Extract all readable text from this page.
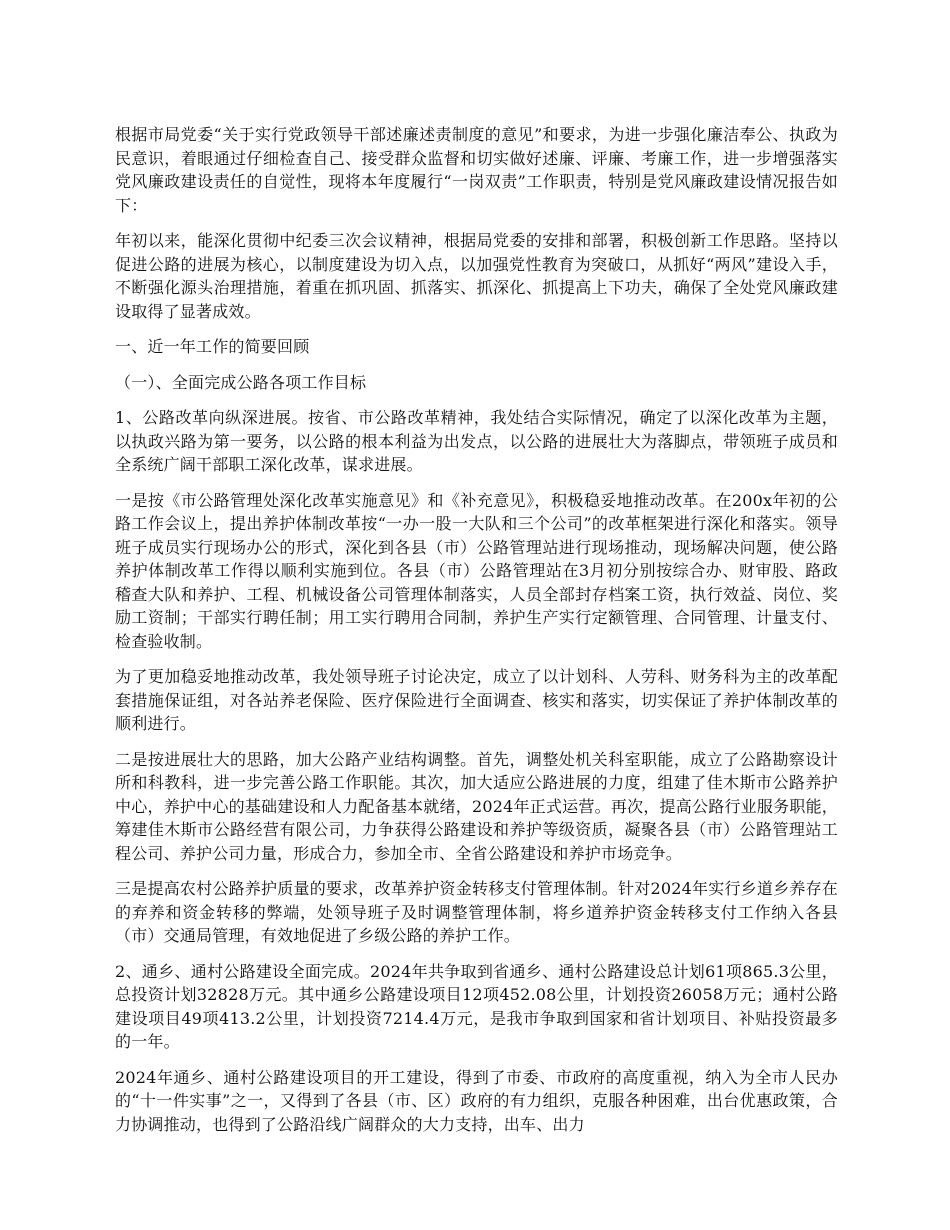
根据市局党委“关于实行党政领导干部述廉述责制度的意见”和要求，为进一步强化廉洁奉公、执政为民意识，着眼通过仔细检查自己、接受群众监督和切实做好述廉、评廉、考廉工作，进一步增强落实党风廉政建设责任的自觉性，现将本年度履行“一岗双责”工作职责，特别是党风廉政建设情况报告如下：

年初以来，能深化贯彻中纪委三次会议精神，根据局党委的安排和部署，积极创新工作思路。坚持以促进公路的进展为核心，以制度建设为切入点，以加强党性教育为突破口，从抓好“两风”建设入手，不断强化源头治理措施，着重在抓巩固、抓落实、抓深化、抓提高上下功夫，确保了全处党风廉政建设取得了显著成效。

一、近一年工作的简要回顾

（一）、全面完成公路各项工作目标

1、公路改革向纵深进展。按省、市公路改革精神，我处结合实际情况，确定了以深化改革为主题，以执政兴路为第一要务，以公路的根本利益为出发点，以公路的进展壮大为落脚点，带领班子成员和全系统广阔干部职工深化改革，谋求进展。

一是按《市公路管理处深化改革实施意见》和《补充意见》，积极稳妥地推动改革。在200x年初的公路工作会议上，提出养护体制改革按“一办一股一大队和三个公司”的改革框架进行深化和落实。领导班子成员实行现场办公的形式，深化到各县（市）公路管理站进行现场推动，现场解决问题，使公路养护体制改革工作得以顺利实施到位。各县（市）公路管理站在3月初分别按综合办、财审股、路政稽查大队和养护、工程、机械设备公司管理体制落实，人员全部封存档案工资，执行效益、岗位、奖励工资制；干部实行聘任制；用工实行聘用合同制，养护生产实行定额管理、合同管理、计量支付、检查验收制。

为了更加稳妥地推动改革，我处领导班子讨论决定，成立了以计划科、人劳科、财务科为主的改革配套措施保证组，对各站养老保险、医疗保险进行全面调查、核实和落实，切实保证了养护体制改革的顺利进行。

二是按进展壮大的思路，加大公路产业结构调整。首先，调整处机关科室职能，成立了公路勘察设计所和科教科，进一步完善公路工作职能。其次，加大适应公路进展的力度，组建了佳木斯市公路养护中心，养护中心的基础建设和人力配备基本就绪，2024年正式运营。再次，提高公路行业服务职能，筹建佳木斯市公路经营有限公司，力争获得公路建设和养护等级资质，凝聚各县（市）公路管理站工程公司、养护公司力量，形成合力，参加全市、全省公路建设和养护市场竞争。

三是提高农村公路养护质量的要求，改革养护资金转移支付管理体制。针对2024年实行乡道乡养存在的弃养和资金转移的弊端，处领导班子及时调整管理体制，将乡道养护资金转移支付工作纳入各县（市）交通局管理，有效地促进了乡级公路的养护工作。

2、通乡、通村公路建设全面完成。2024年共争取到省通乡、通村公路建设总计划61项865.3公里，总投资计划32828万元。其中通乡公路建设项目12项452.08公里，计划投资26058万元；通村公路建设项目49项413.2公里，计划投资7214.4万元，是我市争取到国家和省计划项目、补贴投资最多的一年。

2024年通乡、通村公路建设项目的开工建设，得到了市委、市政府的高度重视，纳入为全市人民办的“十一件实事”之一，又得到了各县（市、区）政府的有力组织，克服各种困难，出台优惠政策，合力协调推动，也得到了公路沿线广阔群众的大力支持，出车、出力
